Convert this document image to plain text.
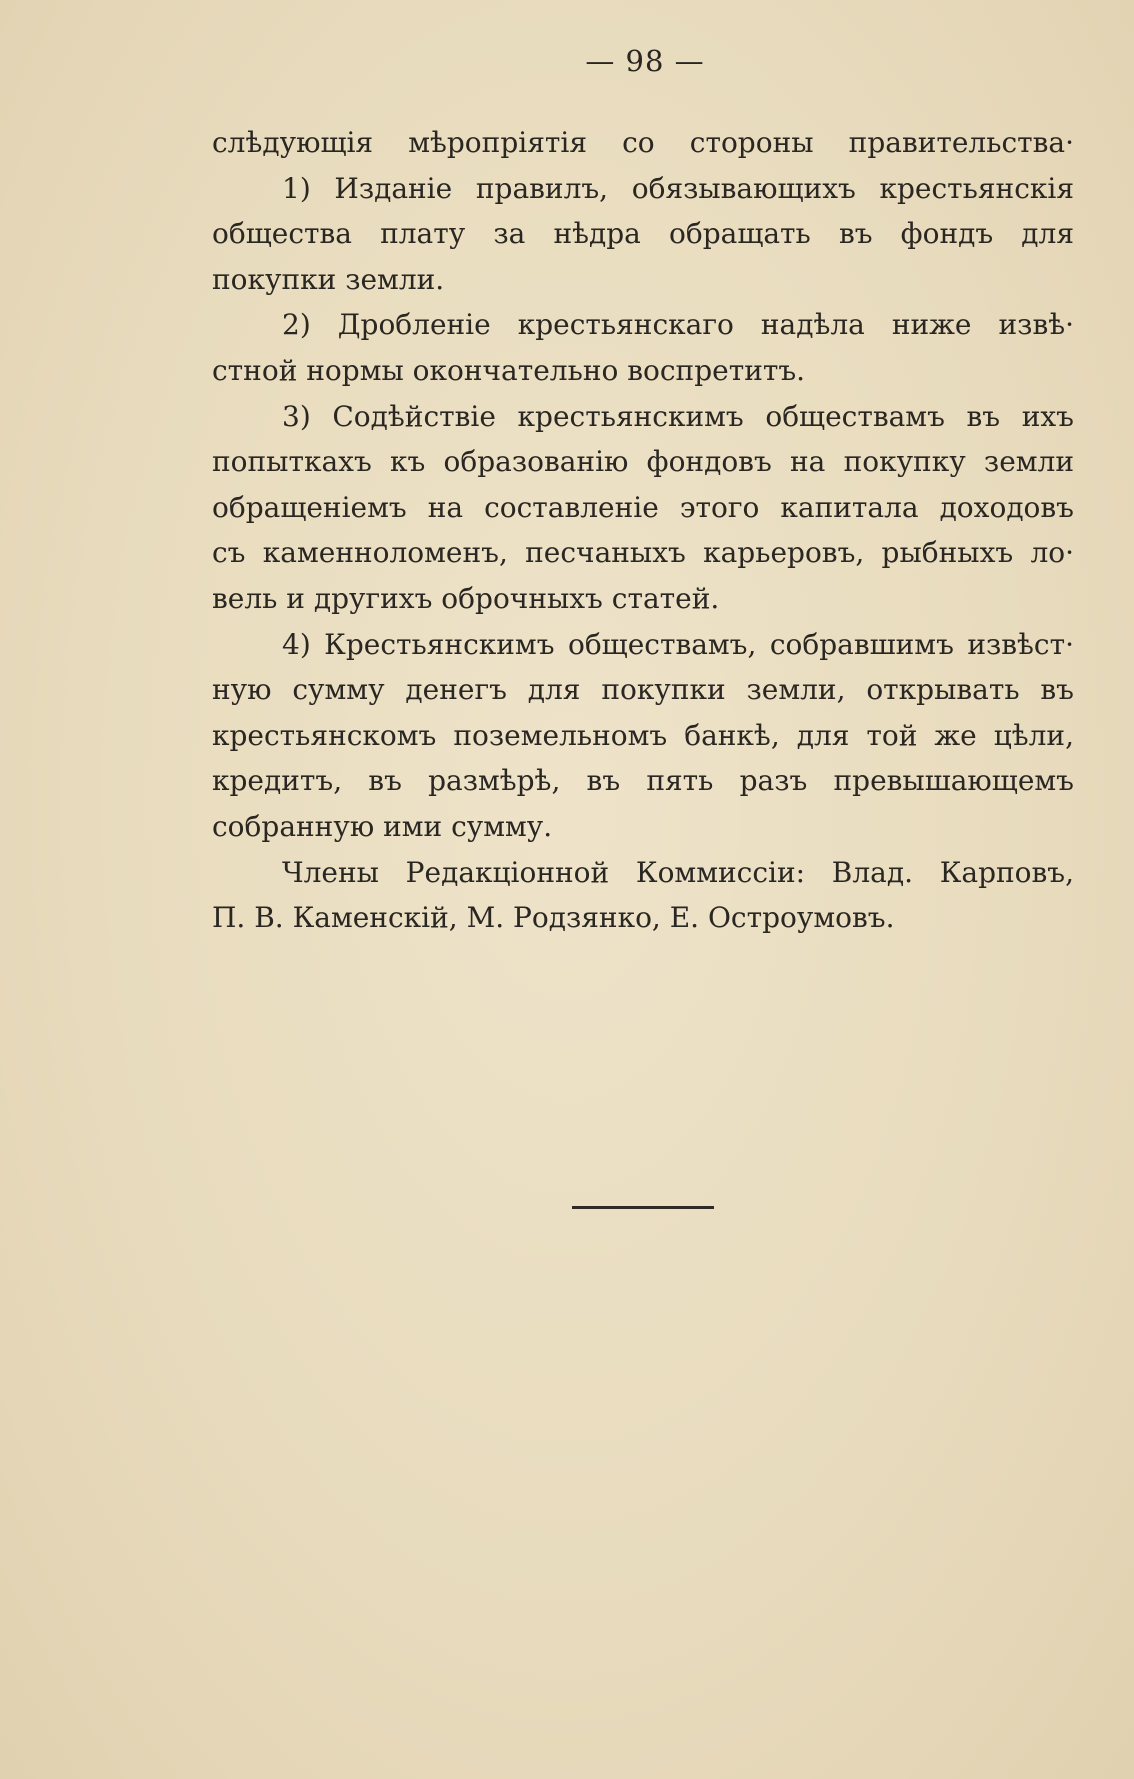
— 98 —
слѣдующія мѣропріятія со стороны правительства·
1) Изданіе правилъ, обязывающихъ крестьянскія
общества плату за нѣдра обращать въ фондъ для
покупки земли.
2) Дробленіе крестьянскаго надѣла ниже извѣ·
стной нормы окончательно воспретитъ.
3) Содѣйствіе крестьянскимъ обществамъ въ ихъ
попыткахъ къ образованію фондовъ на покупку земли
обращеніемъ на составленіе этого капитала доходовъ
съ каменноломенъ, песчаныхъ карьеровъ, рыбныхъ ло·
вель и другихъ оброчныхъ статей.
4) Крестьянскимъ обществамъ, собравшимъ извѣст·
ную сумму денегъ для покупки земли, открывать въ
крестьянскомъ поземельномъ банкѣ, для той же цѣли,
кредитъ, въ размѣрѣ, въ пять разъ превышающемъ
собранную ими сумму.
Члены Редакціонной Коммиссіи: Влад. Карповъ,
П. В. Каменскій, М. Родзянко, Е. Остроумовъ.
